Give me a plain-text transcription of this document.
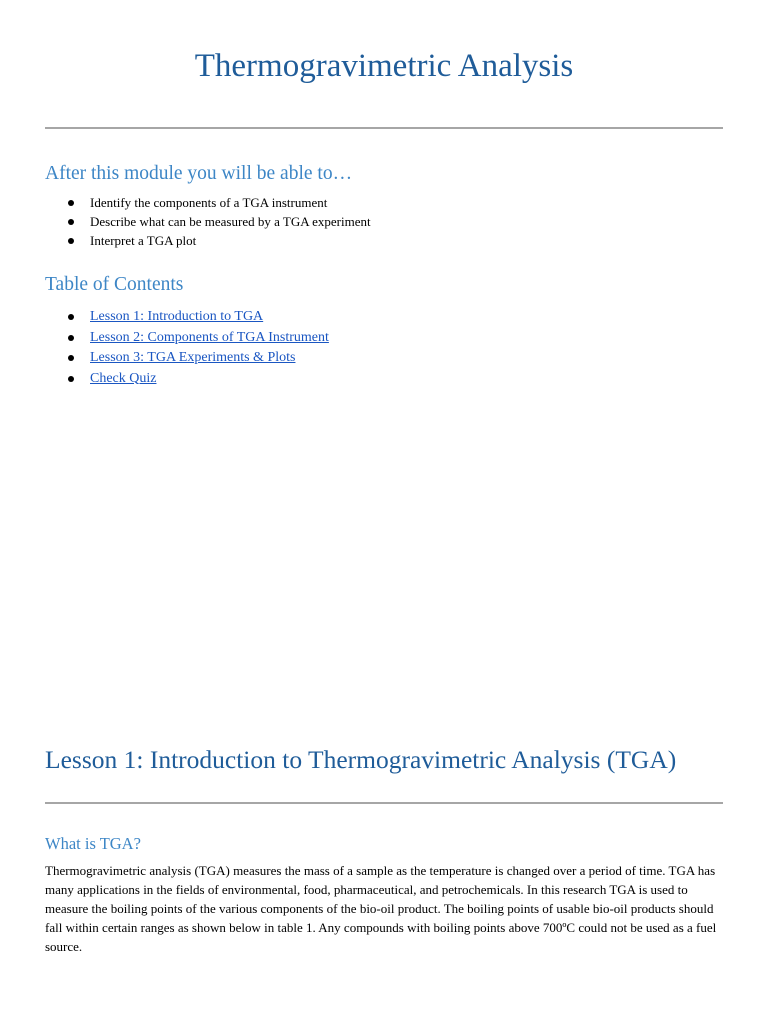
Thermogravimetric Analysis
After this module you will be able to…
Identify the components of a TGA instrument
Describe what can be measured by a TGA experiment
Interpret a TGA plot
Table of Contents
Lesson 1: Introduction to TGA
Lesson 2: Components of TGA Instrument
Lesson 3: TGA Experiments & Plots
Check Quiz
Lesson 1: Introduction to Thermogravimetric Analysis (TGA)
What is TGA?

Thermogravimetric analysis (TGA) measures the mass of a sample as the temperature is changed over a period of time. TGA has many applications in the fields of environmental, food, pharmaceutical, and petrochemicals. In this research TGA is used to measure the boiling points of the various components of the bio-oil product. The boiling points of usable bio-oil products should fall within certain ranges as shown below in table 1. Any compounds with boiling points above 700ºC could not be used as a fuel source.
